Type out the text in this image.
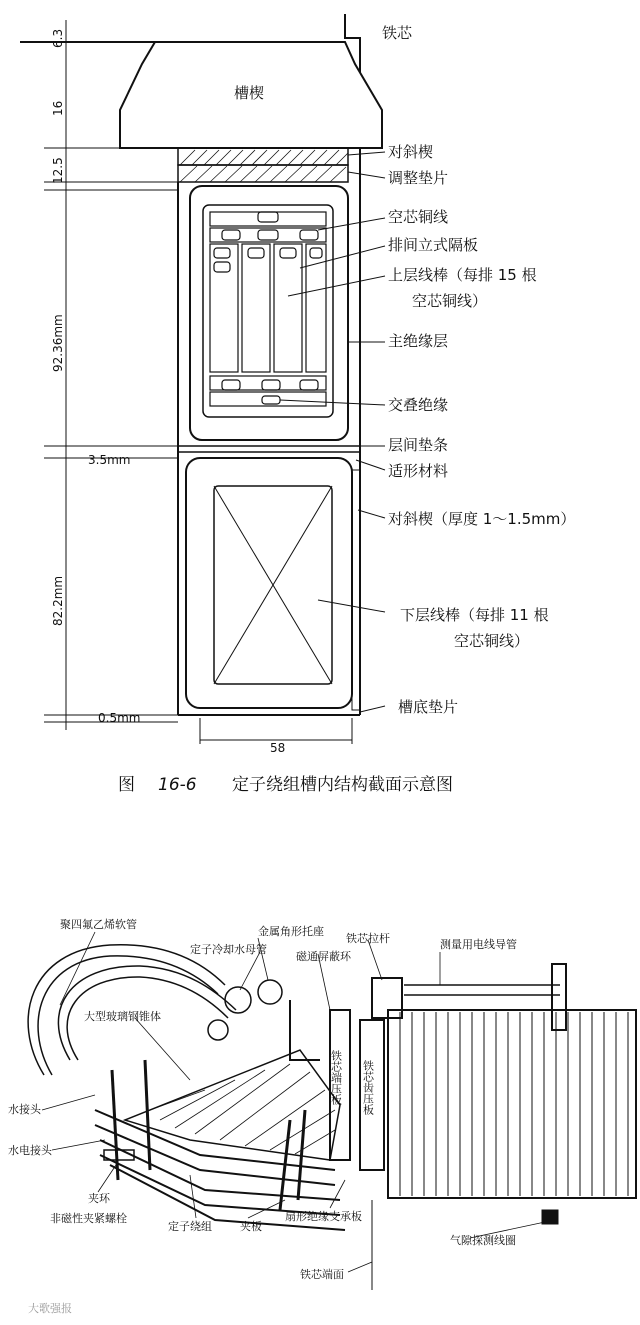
铁芯
槽楔
对斜楔
调整垫片
空芯铜线
排间立式隔板
上层线棒（每排 15 根
空芯铜线）
主绝缘层
交叠绝缘
层间垫条
适形材料
对斜楔（厚度 1～1.5mm）
下层线棒（每排 11 根
空芯铜线）
槽底垫片
6.3
16
12.5
92.36mm
3.5mm
82.2mm
0.5mm
58
图 16-6 定子绕组槽内结构截面示意图
聚四氟乙烯软管
金属角形托座
定子冷却水母管
磁通屏蔽环
铁芯拉杆	测量用电线导管
大型玻璃钢锥体
水接头
水电接头
夹环
非磁性夹紧螺栓
定子绕组	夹板
扇形绝缘支承板
气隙探测线圈
铁芯端面
铁芯端压板 铁芯齿压板
大歌强报
